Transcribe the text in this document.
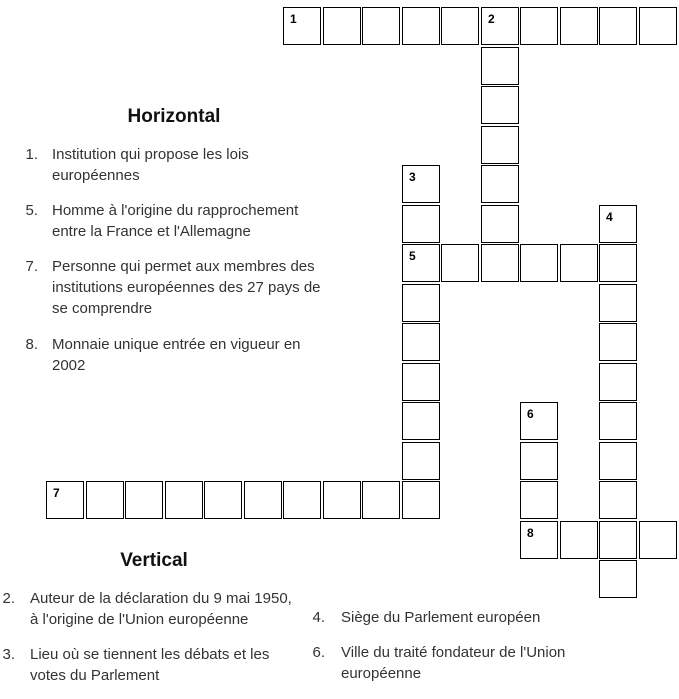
1	2
3
5
4
6
8
7
Horizontal
1. Institution qui propose les lois européennes
5. Homme à l'origine du rapprochement entre la France et l'Allemagne
7. Personne qui permet aux membres des institutions européennes des 27 pays de se comprendre
8. Monnaie unique entrée en vigueur en 2002
Vertical
2. Auteur de la déclaration du 9 mai 1950, à l'origine de l'Union européenne
3. Lieu où se tiennent les débats et les votes du Parlement
4. Siège du Parlement européen
6. Ville du traité fondateur de l'Union européenne
